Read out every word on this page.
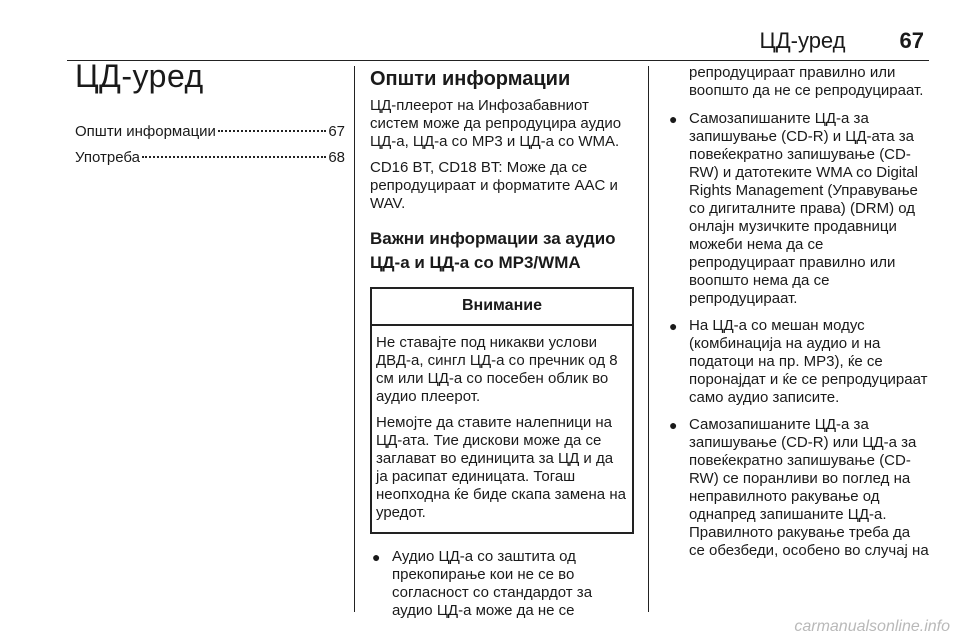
ЦД-уред 67
ЦД-уред
Општи информации	67
Употреба	68
Општи информации

ЦД-плеерот на Инфозабавниот систем може да репродуцира аудио ЦД-а, ЦД-а со MP3 и ЦД-а со WMA.

CD16 BT, CD18 BT: Може да се репродуцираат и форматите AAC и WAV.

Важни информации за аудио ЦД-а и ЦД-а со MP3/WMA
Внимание

Не ставајте под никакви услови ДВД-а, сингл ЦД-а со пречник од 8 см или ЦД-а со посебен облик во аудио плеерот.

Немојте да ставите налепници на ЦД-ата. Тие дискови може да се заглават во единицита за ЦД и да ја расипат единицата. Тогаш неопходна ќе биде скапа замена на уредот.

● Аудио ЦД-а со заштита од прекопирање кои не се во согласност со стандардот за аудио ЦД-а може да не се

репродуцираат правилно или воопшто да не се репродуцираат.

● Самозапишаните ЦД-а за запишување (CD-R) и ЦД-ата за повеќекратно запишување (CD-RW) и датотеките WMA со Digital Rights Management (Управување со дигиталните права) (DRM) од онлајн музичките продавници можеби нема да се репродуцираат правилно или воопшто нема да се репродуцираат.
● На ЦД-а со мешан модус (комбинација на аудио и на податоци на пр. MP3), ќе се поронајдат и ќе се репродуцираат само аудио записите.
● Самозапишаните ЦД-а за запишување (CD-R) или ЦД-а за повеќекратно запишување (CD-RW) се поранливи во поглед на неправилното ракување од однапред запишаните ЦД-а. Правилното ракување треба да се обезбеди, особено во случај на
carmanualsonline.info
